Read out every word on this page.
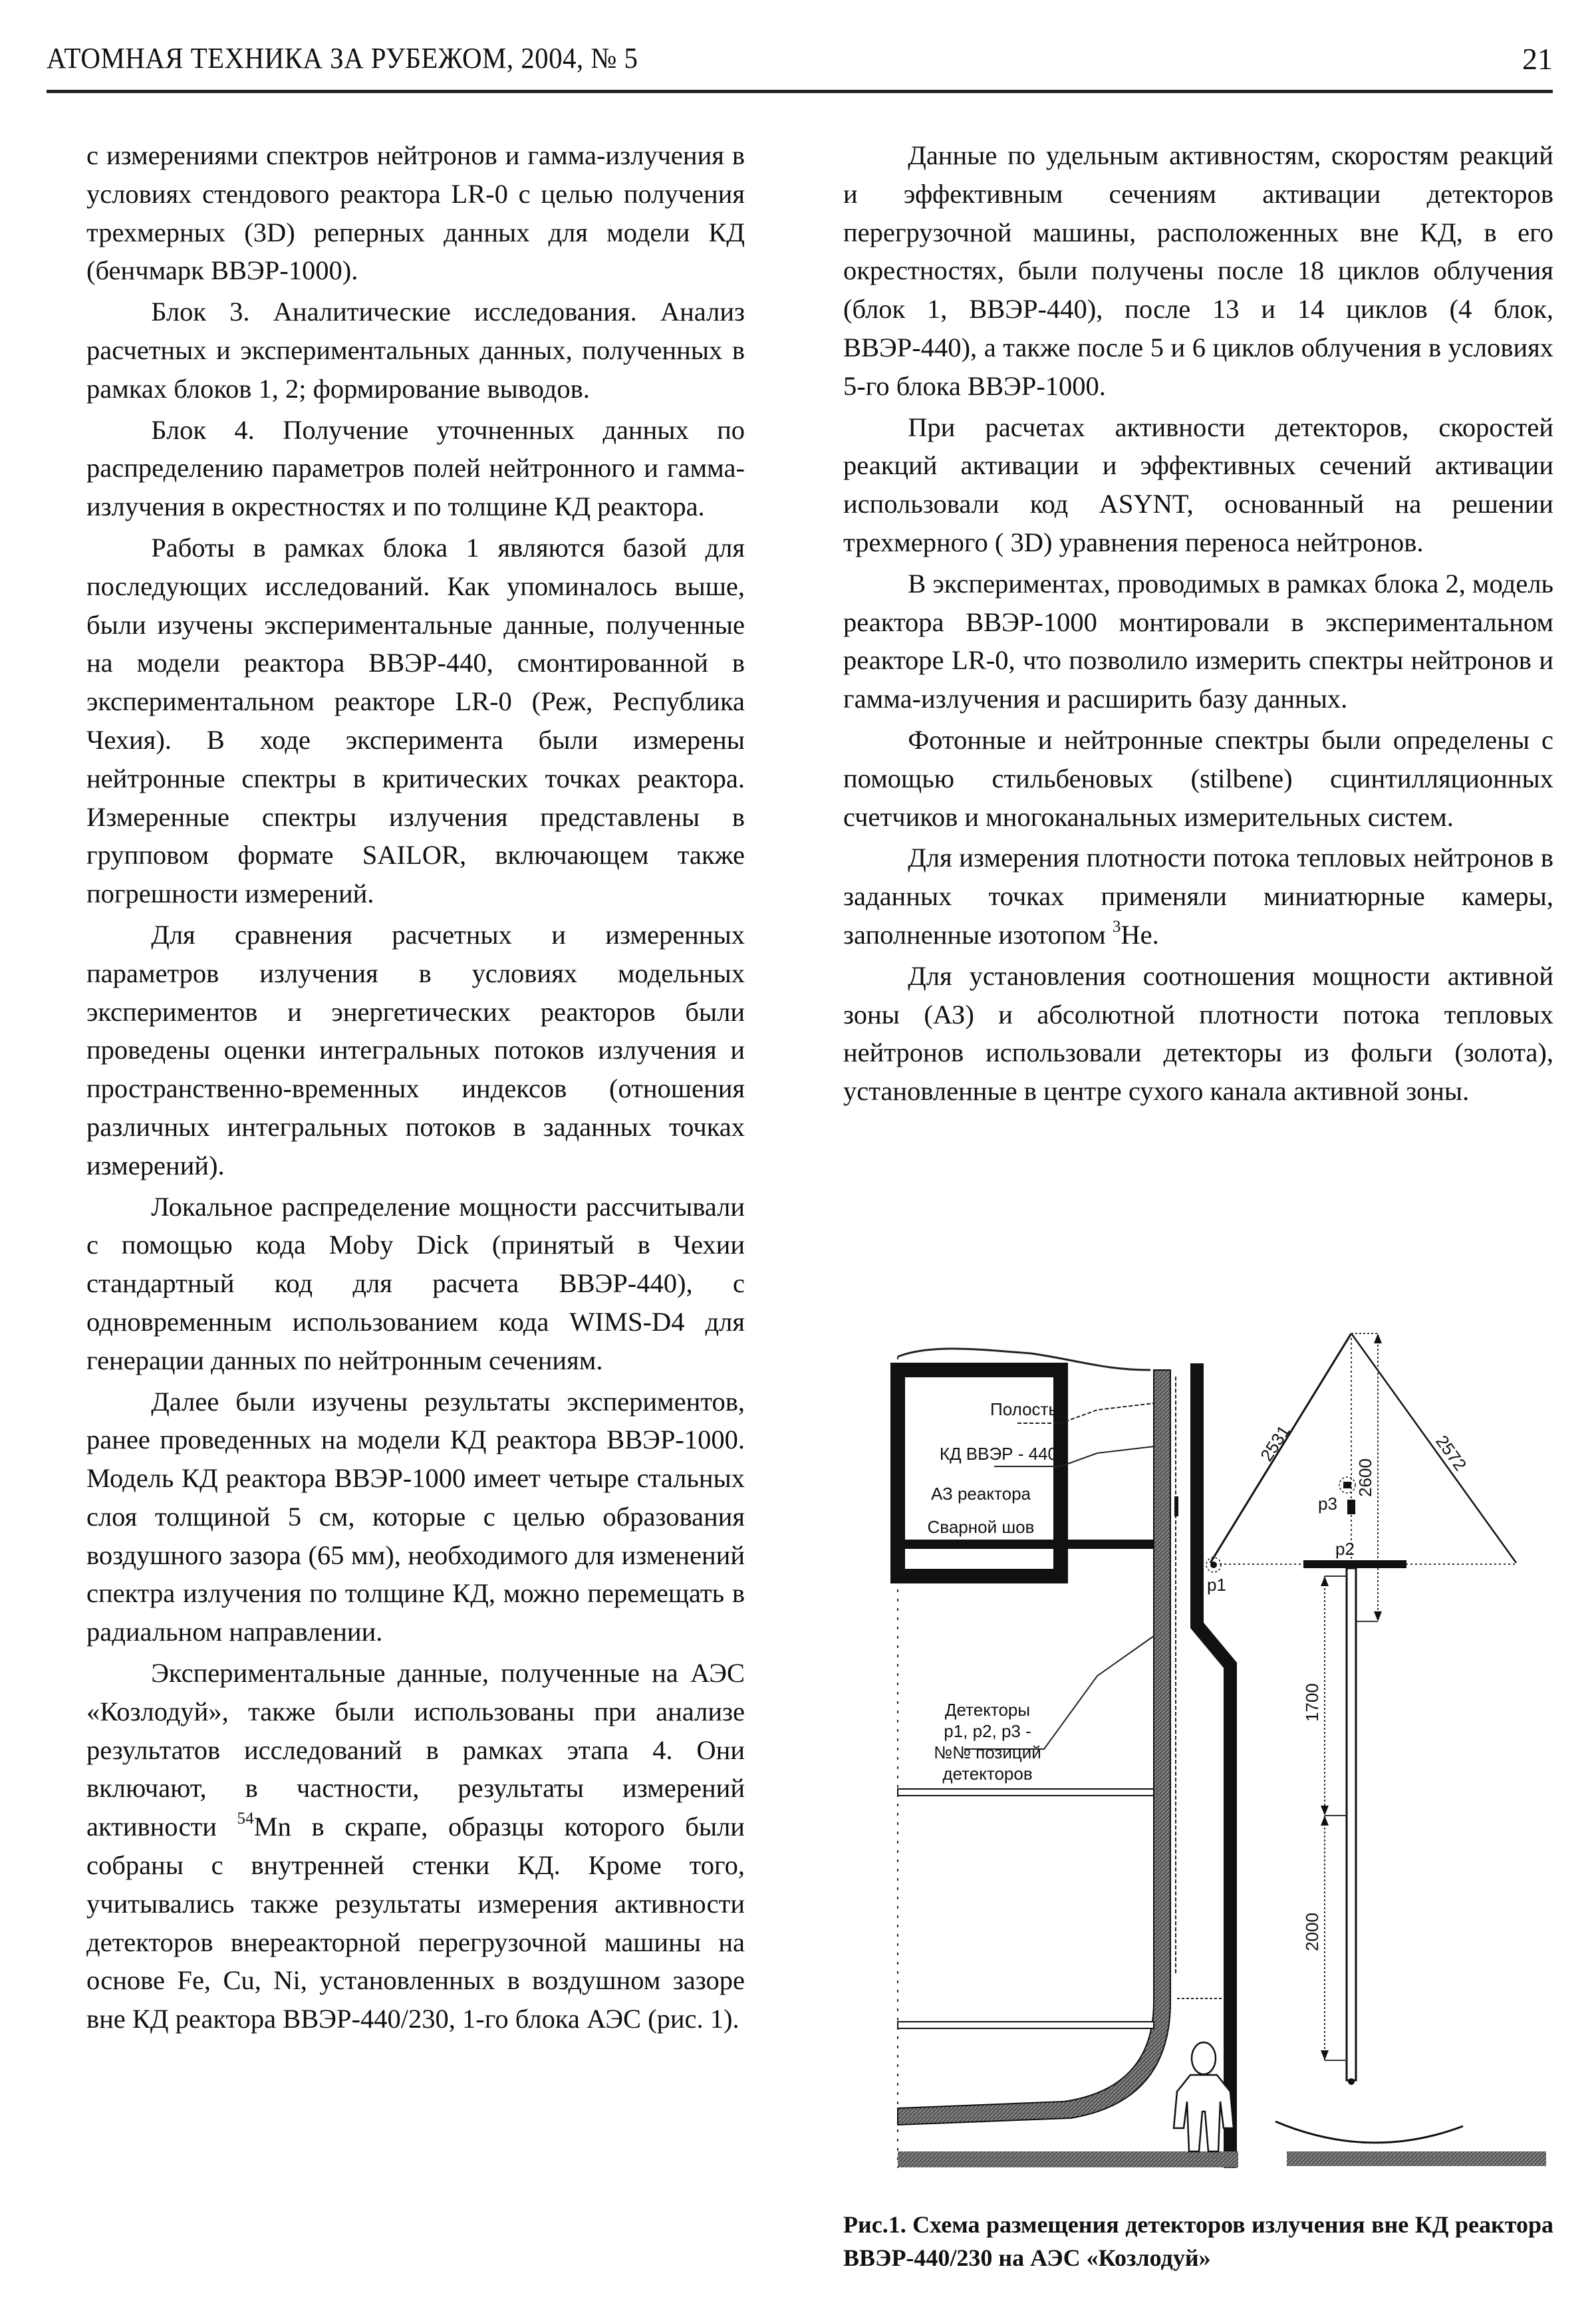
АТОМНАЯ ТЕХНИКА ЗА РУБЕЖОМ, 2004, № 5	21

с измерениями спектров нейтронов и гамма-излучения в условиях стендового реактора LR-0 с целью получения трехмерных (3D) реперных данных для модели КД (бенчмарк ВВЭР-1000).

Блок 3. Аналитические исследования. Анализ расчетных и экспериментальных данных, полученных в рамках блоков 1, 2; формирование выводов.

Блок 4. Получение уточненных данных по распределению параметров полей нейтронного и гамма-излучения в окрестностях и по толщине КД реактора.

Работы в рамках блока 1 являются базой для последующих исследований. Как упоминалось выше, были изучены экспериментальные данные, полученные на модели реактора ВВЭР-440, смонтированной в экспериментальном реакторе LR-0 (Реж, Республика Чехия). В ходе эксперимента были измерены нейтронные спектры в критических точках реактора. Измеренные спектры излучения представлены в групповом формате SAILOR, включающем также погрешности измерений.

Для сравнения расчетных и измеренных параметров излучения в условиях модельных экспериментов и энергетических реакторов были проведены оценки интегральных потоков излучения и пространственно-временных индексов (отношения различных интегральных потоков в заданных точках измерений).

Локальное распределение мощности рассчитывали с помощью кода Moby Dick (принятый в Чехии стандартный код для расчета ВВЭР-440), с одновременным использованием кода WIMS-D4 для генерации данных по нейтронным сечениям.

Далее были изучены результаты экспериментов, ранее проведенных на модели КД реактора ВВЭР-1000. Модель КД реактора ВВЭР-1000 имеет четыре стальных слоя толщиной 5 см, которые с целью образования воздушного зазора (65 мм), необходимого для изменений спектра излучения по толщине КД, можно перемещать в радиальном направлении.

Экспериментальные данные, полученные на АЭС «Козлодуй», также были использованы при анализе результатов исследований в рамках этапа 4. Они включают, в частности, результаты измерений активности $^{54}$Mn в скрапе, образцы которого были собраны с внутренней стенки КД. Кроме того, учитывались также результаты измерения активности детекторов внереакторной перегрузочной машины на основе Fe, Cu, Ni, установленных в воздушном зазоре вне КД реактора ВВЭР-440/230, 1-го блока АЭС (рис. 1).

Данные по удельным активностям, скоростям реакций и эффективным сечениям активации детекторов перегрузочной машины, расположенных вне КД, в его окрестностях, были получены после 18 циклов облучения (блок 1, ВВЭР-440), после 13 и 14 циклов (4 блок, ВВЭР-440), а также после 5 и 6 циклов облучения в условиях 5-го блока ВВЭР-1000.

При расчетах активности детекторов, скоростей реакций активации и эффективных сечений активации использовали код ASYNT, основанный на решении трехмерного ( 3D) уравнения переноса нейтронов.

В экспериментах, проводимых в рамках блока 2, модель реактора ВВЭР-1000 монтировали в экспериментальном реакторе LR-0, что позволило измерить спектры нейтронов и гамма-излучения и расширить базу данных.

Фотонные и нейтронные спектры были определены с помощью стильбеновых (stilbene) сцинтилляционных счетчиков и многоканальных измерительных систем.

Для измерения плотности потока тепловых нейтронов в заданных точках применяли миниатюрные камеры, заполненные изотопом $^3$He.

Для установления соотношения мощности активной зоны (АЗ) и абсолютной плотности потока тепловых нейтронов использовали детекторы из фольги (золота), установленные в центре сухого канала активной зоны.

Полость
КД ВВЭР - 440
АЗ реактора
Сварной шов
Детекторы
p1, p2, p3 -
№№ позиций
детекторов
2531	2572
2600
1700
2000
p1
p2
p3
Рис.1. Схема размещения детекторов излучения вне КД реактора ВВЭР-440/230 на АЭС «Козлодуй»
